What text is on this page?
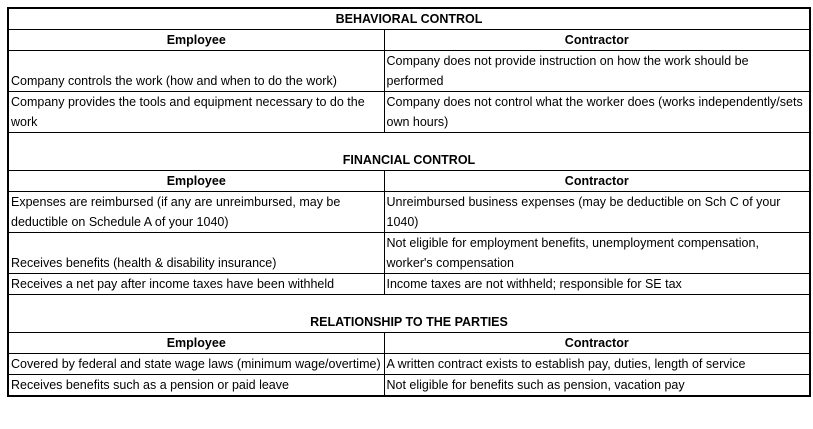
BEHAVIORAL CONTROL	
Employee	Contractor
Company controls the work (how and when to do the work)	Company does not provide instruction on how the work should be performed
Company provides the tools and equipment necessary to do the work	Company does not control what the worker does (works independently/sets own hours)

FINANCIAL CONTROL	
Employee	Contractor
Expenses are reimbursed (if any are unreimbursed, may be deductible on Schedule A of your 1040)	Unreimbursed business expenses (may be deductible on Sch C of your 1040)
Receives benefits (health & disability insurance)	Not eligible for employment benefits, unemployment compensation, worker's compensation
Receives a net pay after income taxes have been withheld	Income taxes are not withheld; responsible for SE tax

RELATIONSHIP TO THE PARTIES	
Employee	Contractor
Covered by federal and state wage laws (minimum wage/overtime)	A written contract exists to establish pay, duties, length of service
Receives benefits such as a pension or paid leave	Not eligible for benefits such as pension, vacation pay
